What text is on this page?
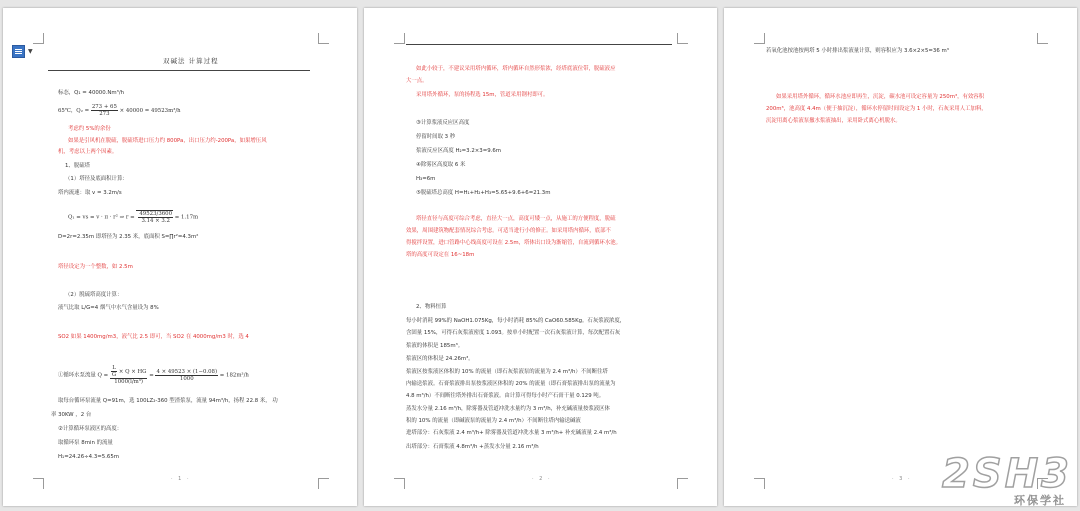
双碱法 计算过程
标态，Q₁ = 40000.Nm³/h
65℃，$Q_2 = \frac{273 + 65}{273} \times 40000 = 49523m^3/h$
考虑约 5%的余份
如果是引风机在脱硫，脱硫塔进口压力约 800Pa，出口压力约-200Pa，如果增压风
机，考虑以上两个因素。
1、脱硫塔
（1）塔径及底面积计算：
塔内流速：取 v = 3.2m/s
Q₁ = vs = v · π · r² ⇒ $r = \frac{49523/3600}{3.14 \times 3.2} = 1.17m$
D=2r=2.35m 即塔径为 2.35 米，底面积 S=∏r²=4.3m²
塔径设定为一个整数，如 2.5m
（2）脱硫塔高度计算：
液气比取 L/G=4 烟气中水气含量设为 8%
SO2 如果 1400mg/m3，液气比 2.5 即可，当 SO2 在 4000mg/m3 时，选 4
①循环水泵流量 $Q = \frac{\frac{L}{G} \times Q \times HG}{\text{1000(l/m³)}} = \frac{4 \times 49523 \times (1-0.08)}{1000} = 182m^3/h$
取每台循环泵流量 Q=91m，选 100LZ₂-360 型渣浆泵，流量 94m³/h，扬程 22.8 米， 功
率 30KW ，2 台
②计算循环泵液区的高度：
取循环泵 8min 的流量
H₁=24.26÷4.3=5.65m
· 1 ·
▼
如此小较于，不建议采用塔内循环，塔内循环自然形浆浓，经塔底液位带，脱硫液应
大一点。
采用塔外循环，泵的扬程选 15m，管道采用钢衬即可。
③计算浆液反应区高度
停留时间取 3 秒
浆液反应区高度 H₂=3.2×3=9.6m
④除雾区高度取 6 米
H₃=6m
⑤脱硫塔总高度 H=H₁+H₂+H₃=5.65+9.6+6=21.3m
塔径直径与高度可综合考虑，直径大一点，高度可矮一点，从施工的方便程度，脱硫
效果，周围建筑物配套情况综合考虑。可适当进行小的修正。如采用塔内循环，底部不
得搅拌设置，进口管路中心线高度可设在 2.5m，塔体出口设为渐缩管，自流到循环水池。
塔的高度可设定在 16~18m
2、物料恒算
每小时消耗 99%的 NaOH1.075Kg，每小时消耗 85%的 CaO60.585Kg。石灰浆液浓度，
含固量 15%，可得石灰浆液密度 1.093。按单小时配置一次石灰浆液计算，每次配置石灰
浆液的体积是 185m³。
浆液区的体积是 24.26m³。
浆液区按浆液区体积的 10% 的流量（即石灰浆液泵的流量为 2.4 m³/h）不间断往塔
内输送浆液。石膏浆液排出泵按浆液区体积的 20% 的流量（即石膏浆液排出泵的流量为
4.8 m³/h）不间断往塔外排出石膏浆液。由计算可得每小时产石膏干量 0.129 吨。
蒸发水分量 2.16 m³/h，除雾器及管道冲洗水量约为 3 m³/h，补充碱液量按浆液区体
积的 10% 的流量（即碱液泵的流量为 2.4 m³/h）不间断往塔内输送碱液
进塔部分：石灰浆液 2.4 m³/h+ 除雾器及管道冲洗水量 3 m³/h+ 补充碱液量 2.4 m³/h
出塔部分：石膏浆液 4.8m³/h +蒸发水分量 2.16 m³/h
· 2 ·
若氧化池按池按两塔 5 小时排出浆液量计算，则容积应为 3.6×2×5=36 m³
如果采用塔外循环，循环水池应即再生，沉淀，碳水池可设定容量为 250m³，有效容积
200m³，池高度 4.4m（便于抽沉淀），循环水停留时间设定为 1 小时，石灰采用人工加料，
沉淀用离心浆液泵撤水浆液抽出，采用卧式离心机脱水。
· 3 · 2SH3
环保学社
